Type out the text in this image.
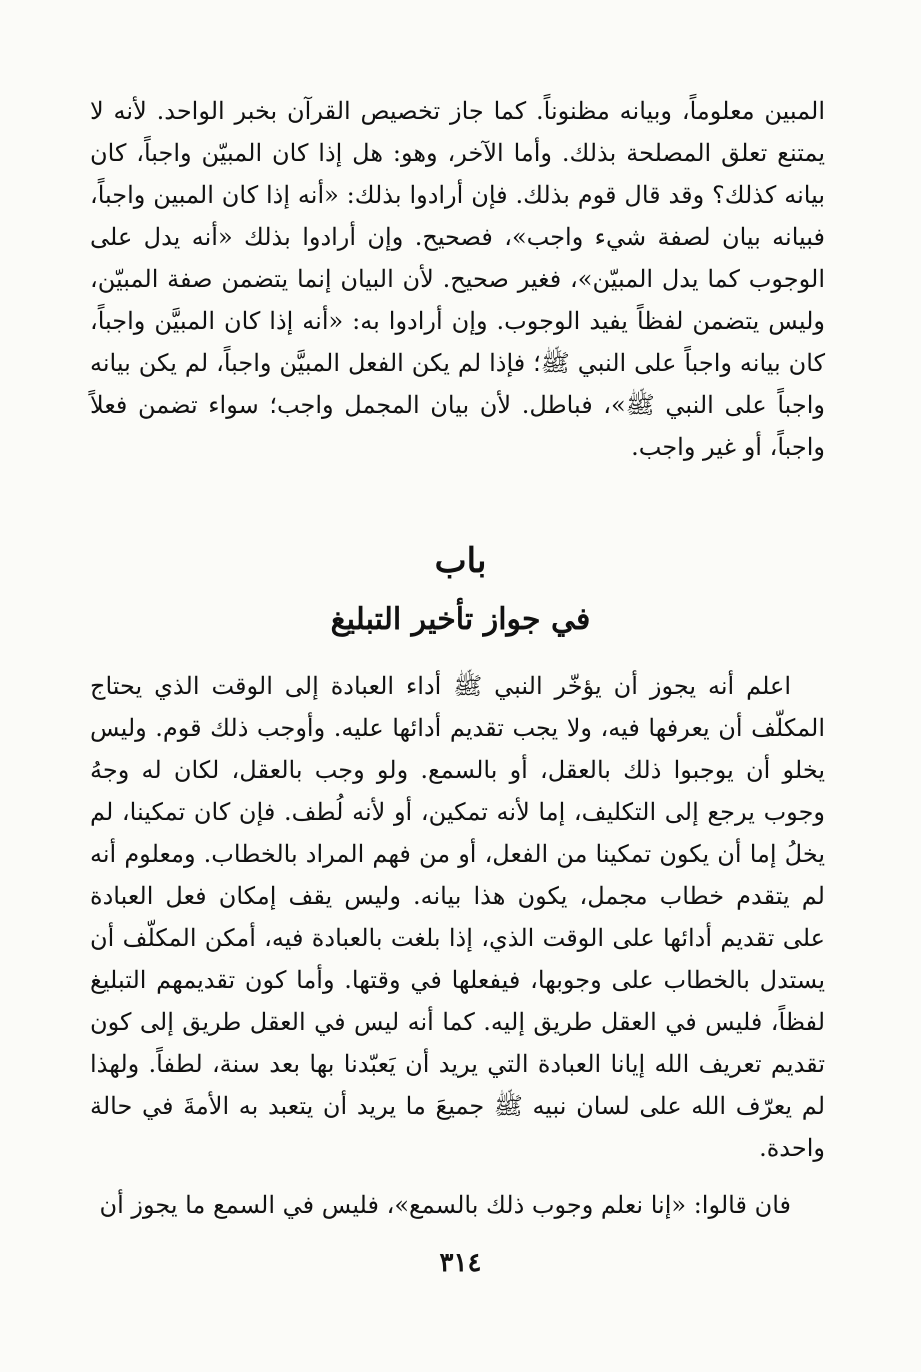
المبين معلوماً، وبيانه مظنوناً. كما جاز تخصيص القرآن بخبر الواحد. لأنه لا يمتنع تعلق المصلحة بذلك. وأما الآخر، وهو: هل إذا كان المبيّن واجباً، كان بيانه كذلك؟ وقد قال قوم بذلك. فإن أرادوا بذلك: «أنه إذا كان المبين واجباً، فبيانه بيان لصفة شيء واجب»، فصحيح. وإن أرادوا بذلك «أنه يدل على الوجوب كما يدل المبيّن»، فغير صحيح. لأن البيان إنما يتضمن صفة المبيّن، وليس يتضمن لفظاً يفيد الوجوب. وإن أرادوا به: «أنه إذا كان المبيَّن واجباً، كان بيانه واجباً على النبي ﷺ؛ فإذا لم يكن الفعل المبيَّن واجباً، لم يكن بيانه واجباً على النبي ﷺ»، فباطل. لأن بيان المجمل واجب؛ سواء تضمن فعلاً واجباً، أو غير واجب.

باب
في جواز تأخير التبليغ

اعلم أنه يجوز أن يؤخّر النبي ﷺ أداء العبادة إلى الوقت الذي يحتاج المكلّف أن يعرفها فيه، ولا يجب تقديم أدائها عليه. وأوجب ذلك قوم. وليس يخلو أن يوجبوا ذلك بالعقل، أو بالسمع. ولو وجب بالعقل، لكان له وجهُ وجوب يرجع إلى التكليف، إما لأنه تمكين، أو لأنه لُطف. فإن كان تمكينا، لم يخلُ إما أن يكون تمكينا من الفعل، أو من فهم المراد بالخطاب. ومعلوم أنه لم يتقدم خطاب مجمل، يكون هذا بيانه. وليس يقف إمكان فعل العبادة على تقديم أدائها على الوقت الذي، إذا بلغت بالعبادة فيه، أمكن المكلّف أن يستدل بالخطاب على وجوبها، فيفعلها في وقتها. وأما كون تقديمهم التبليغ لفظاً، فليس في العقل طريق إليه. كما أنه ليس في العقل طريق إلى كون تقديم تعريف الله إيانا العبادة التي يريد أن يَعبّدنا بها بعد سنة، لطفاً. ولهذا لم يعرّف الله على لسان نبيه ﷺ جميعَ ما يريد أن يتعبد به الأمةَ في حالة واحدة.

فان قالوا: «إنا نعلم وجوب ذلك بالسمع»، فليس في السمع ما يجوز أن

٣١٤
